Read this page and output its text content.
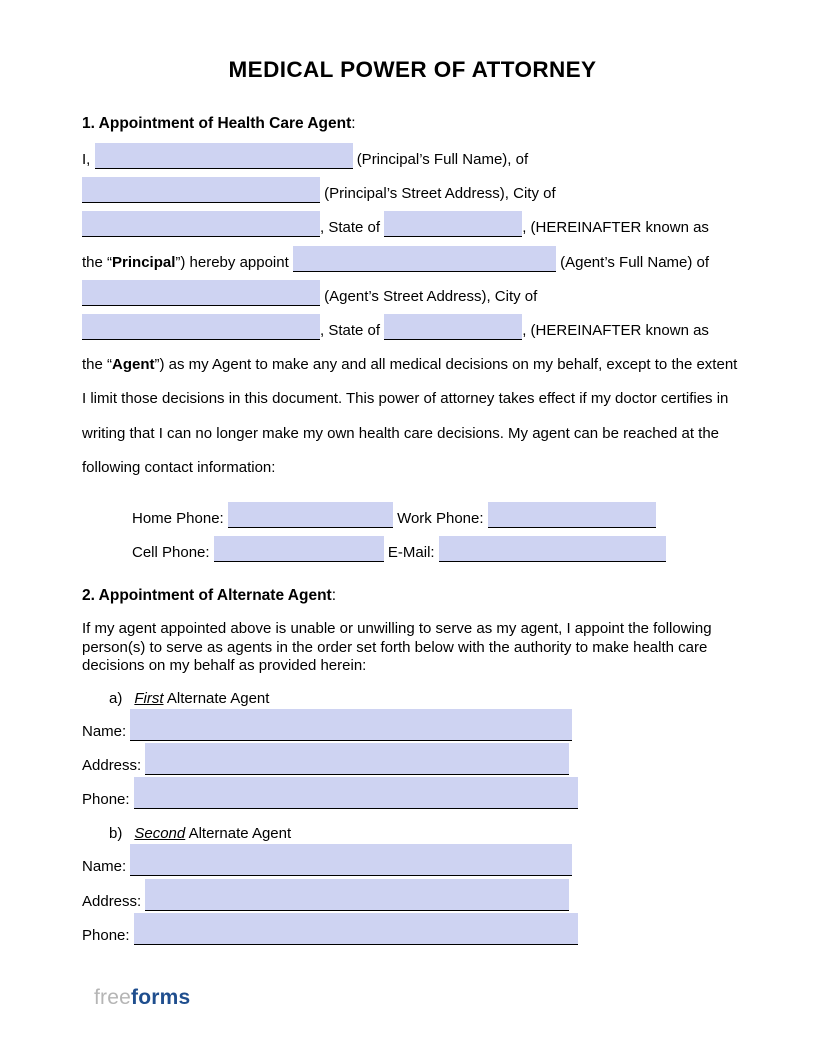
MEDICAL POWER OF ATTORNEY
1. Appointment of Health Care Agent:
I,	(Principal’s Full Name), of
(Principal’s Street Address), City of
, State of	, (HEREINAFTER known as
the “Principal”) hereby appoint	(Agent’s Full Name) of
(Agent’s Street Address), City of
, State of	, (HEREINAFTER known as
the “Agent”) as my Agent to make any and all medical decisions on my behalf, except to the extent
I limit those decisions in this document. This power of attorney takes effect if my doctor certifies in
writing that I can no longer make my own health care decisions. My agent can be reached at the
following contact information:
Home Phone:	Work Phone:
Cell Phone:	E-Mail:
2. Appointment of Alternate Agent:
If my agent appointed above is unable or unwilling to serve as my agent, I appoint the following
person(s) to serve as agents in the order set forth below with the authority to make health care
decisions on my behalf as provided herein:
a) First Alternate Agent
Name:
Address:
Phone:
b) Second Alternate Agent
Name:
Address:
Phone:
freeforms
